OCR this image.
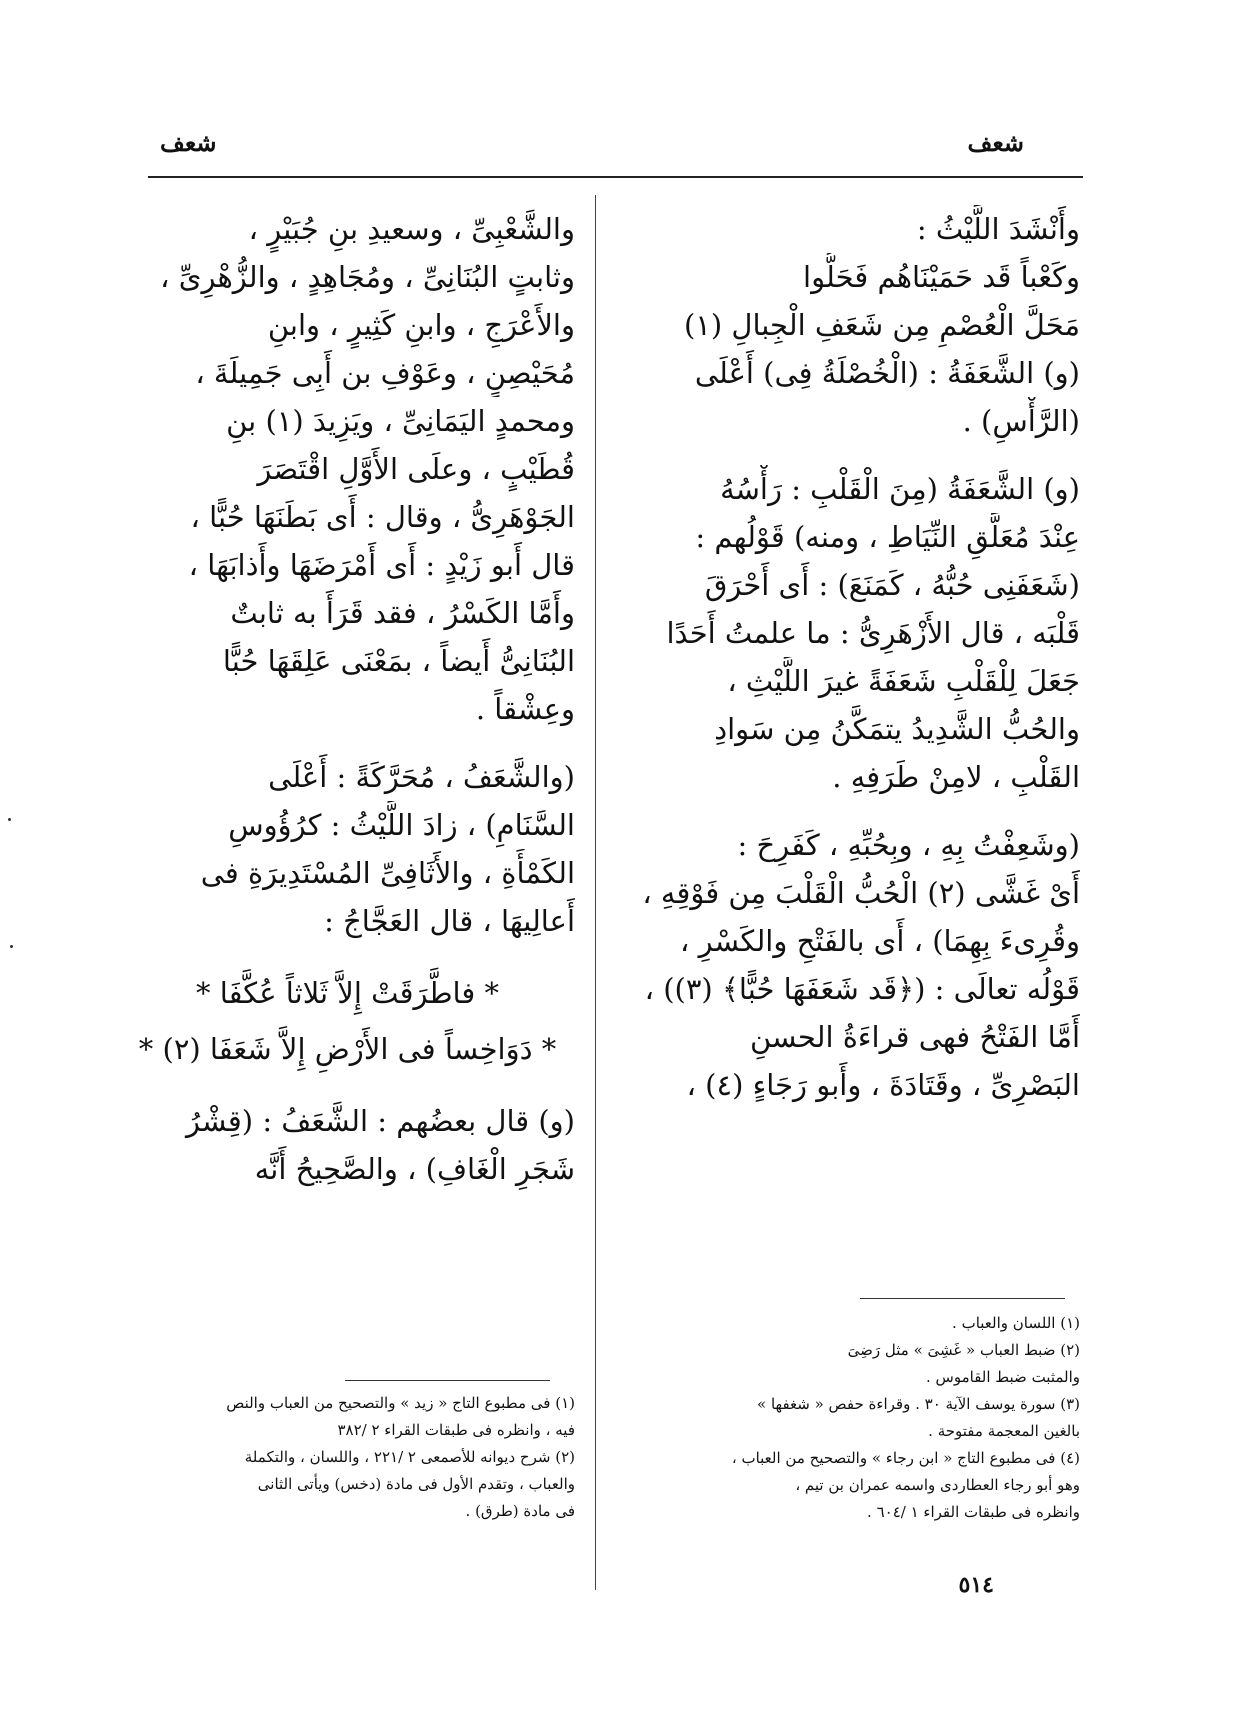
شعف	شعف
وأَنْشَدَ اللَّيْثُ :
وكَعْباً قَد حَمَيْنَاهُم فَحَلُّوا
مَحَلَّ الْعُصْمِ مِن شَعَفِ الْجِبالِ (١)
(و) الشَّعَفَةُ : (الْخُصْلَةُ فِى) أَعْلَى
(الرَّأْسِ) .
(و) الشَّعَفَةُ (مِنَ الْقَلْبِ : رَأْسُهُ
عِنْدَ مُعَلَّقِ النِّيَاطِ ، ومنه) قَوْلُهم :
(شَعَفَنِى حُبُّهُ ، كَمَنَعَ) : أَى أَحْرَقَ
قَلْبَه ، قال الأَزْهَرِىُّ : ما علمتُ أَحَدًا
جَعَلَ لِلْقَلْبِ شَعَفَةً غيرَ اللَّيْثِ ،
والحُبُّ الشَّدِيدُ يتمَكَّنُ مِن سَوادِ
القَلْبِ ، لامِنْ طَرَفِهِ .
(وشَعِفْتُ بِهِ ، وبِحُبِّهِ ، كَفَرِحَ :
أَىْ غَشَّى (٢) الْحُبُّ الْقَلْبَ مِن فَوْقِهِ ،
وقُرِىءَ بِهِمَا) ، أَى بالفَتْحِ والكَسْرِ ،
قَوْلُه تعالَى : (﴿قَد شَعَفَهَا حُبًّا﴾ (٣)) ،
أَمَّا الفَتْحُ فهى قراءَةُ الحسنِ
البَصْرِىِّ ، وقَتَادَةَ ، وأَبو رَجَاءٍ (٤) ،
(١) اللسان والعباب .
(٢) ضبط العباب « غَشِىَ » مثل رَضِىَ
والمثبت ضبط القاموس .
(٣) سورة يوسف الآية ٣٠ . وقراءة حفص « شغفها »
بالغين المعجمة مفتوحة .
(٤) فى مطبوع التاج « ابن رجاء » والتصحيح من العباب ،
وهو أبو رجاء العطاردى واسمه عمران بن تيم ،
وانظره فى طبقات القراء ١ /٦٠٤ .
والشَّعْبِىِّ ، وسعيدِ بنِ جُبَيْرٍ ،
وثابتٍ البُنَانِىِّ ، ومُجَاهِدٍ ، والزُّهْرِىِّ ،
والأَعْرَجِ ، وابنِ كَثِيرٍ ، وابنِ
مُحَيْصِنٍ ، وعَوْفِ بن أَبِى جَمِيلَةَ ،
ومحمدٍ اليَمَانِىِّ ، ويَزِيدَ (١) بنِ
قُطَيْبٍ ، وعلَى الأَوَّلِ اقْتَصَرَ
الجَوْهَرِىُّ ، وقال : أَى بَطَنَهَا حُبًّا ،
قال أَبو زَيْدٍ : أَى أَمْرَضَهَا وأَذابَهَا ،
وأَمَّا الكَسْرُ ، فقد قَرَأَ به ثابتٌ
البُنَانِىُّ أَيضاً ، بمَعْنَى عَلِقَهَا حُبًّا
وعِشْقاً .
(والشَّعَفُ ، مُحَرَّكَةً : أَعْلَى
السَّنَامِ) ، زادَ اللَّيْثُ : كرُؤُوسِ
الكَمْأَةِ ، والأَثَافِىِّ المُسْتَدِيرَةِ فى
أَعالِيهَا ، قال العَجَّاجُ :
* فاطَّرَقَتْ إِلاَّ ثَلاثاً عُكَّفَا *
* دَوَاخِساً فى الأَرْضِ إِلاَّ شَعَفَا (٢) *
(و) قال بعضُهم : الشَّعَفُ : (قِشْرُ
شَجَرِ الْغَافِ) ، والصَّحِيحُ أَنَّه
(١) فى مطبوع التاج « زيد » والتصحيح من العباب والنص
فيه ، وانظره فى طبقات القراء ٢ /٣٨٢
(٢) شرح ديوانه للأصمعى ٢ /٢٢١ ، واللسان ، والتكملة
والعباب ، وتقدم الأول فى مادة (دخس) ويأتى الثانى
فى مادة (طرق) .
٥١٤
